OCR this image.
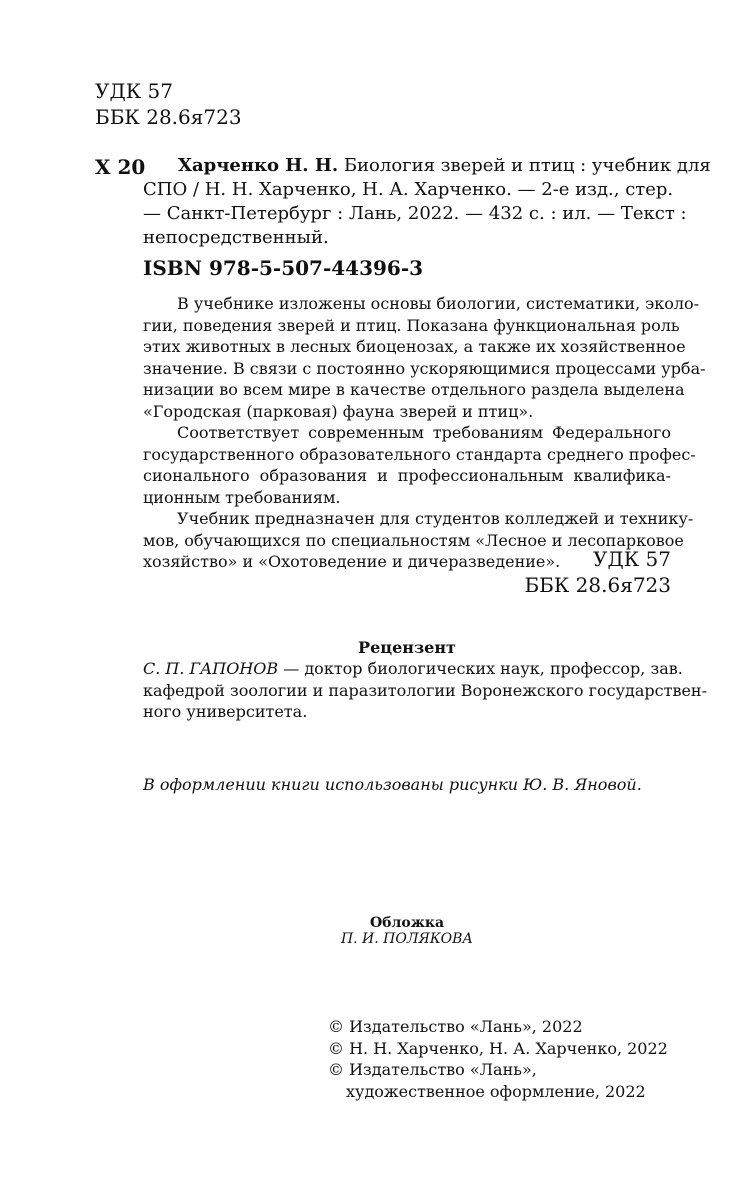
УДК 57
ББК 28.6я723
Х 20 Харченко Н. Н. Биология зверей и птиц : учебник для
СПО / Н. Н. Харченко, Н. А. Харченко. — 2-е изд., стер.
— Санкт-Петербург : Лань, 2022. — 432 с. : ил. — Текст :
непосредственный.
ISBN 978-5-507-44396-3
В учебнике изложены основы биологии, систематики, эколо-
гии, поведения зверей и птиц. Показана функциональная роль
этих животных в лесных биоценозах, а также их хозяйственное
значение. В связи с постоянно ускоряющимися процессами урба-
низации во всем мире в качестве отдельного раздела выделена
«Городская (парковая) фауна зверей и птиц».
Соответствует современным требованиям Федерального
государственного образовательного стандарта среднего профес-
сионального образования и профессиональным квалифика-
ционным требованиям.
Учебник предназначен для студентов колледжей и технику-
мов, обучающихся по специальностям «Лесное и лесопарковое
хозяйство» и «Охотоведение и дичеразведение».	УДК 57
ББК 28.6я723
Рецензент
С. П. ГАПОНОВ — доктор биологических наук, профессор, зав.
кафедрой зоологии и паразитологии Воронежского государствен-
ного университета.
В оформлении книги использованы рисунки Ю. В. Яновой.
Обложка
П. И. ПОЛЯКОВА
© Издательство «Лань», 2022
© Н. Н. Харченко, Н. А. Харченко, 2022
© Издательство «Лань»,
художественное оформление, 2022
